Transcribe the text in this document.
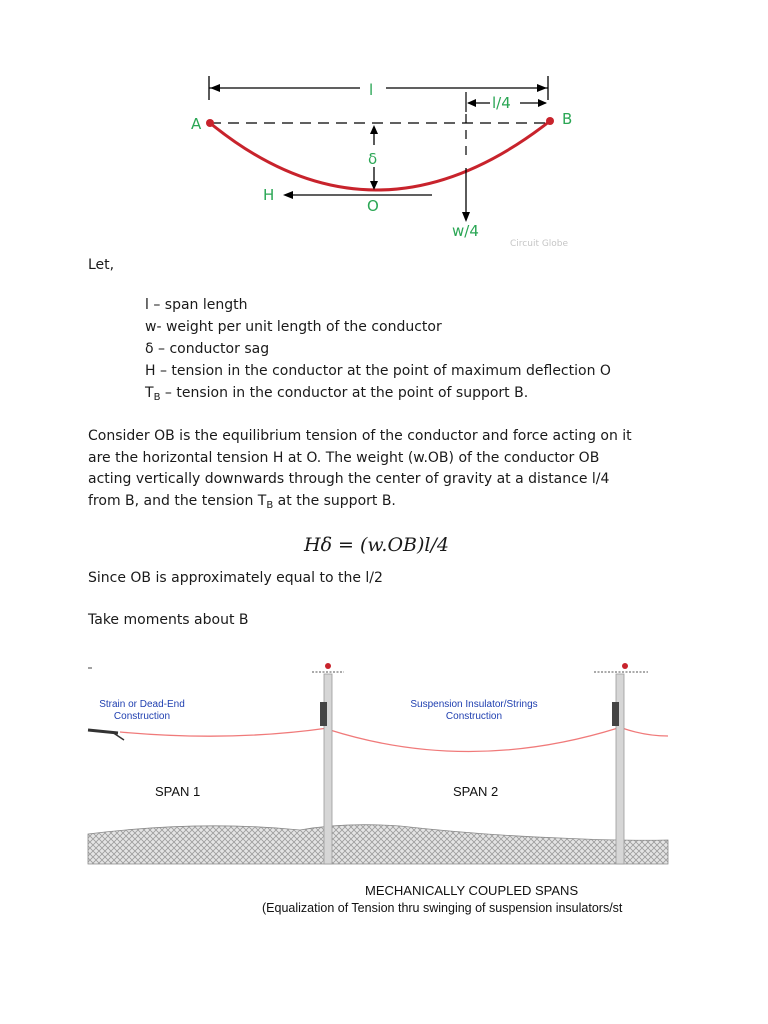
l
l/4
A	B
δ
H
O
w/4
Circuit Globe
Let,
l – span length
w- weight per unit length of the conductor
δ – conductor sag
H – tension in the conductor at the point of maximum deflection O
$T_B$ – tension in the conductor at the point of support B.
Consider OB is the equilibrium tension of the conductor and force acting on it
are the horizontal tension H at O. The weight (w.OB) of the conductor OB
acting vertically downwards through the center of gravity at a distance l/4
from B, and the tension $T_B$ at the support B.
Hδ = (w.OB)l/4
Since OB is approximately equal to the l/2
Take moments about B
Strain or Dead-End
Construction
Suspension Insulator/Strings
Construction
SPAN 1	SPAN 2
MECHANICALLY COUPLED SPANS
(Equalization of Tension thru swinging of suspension insulators/st
